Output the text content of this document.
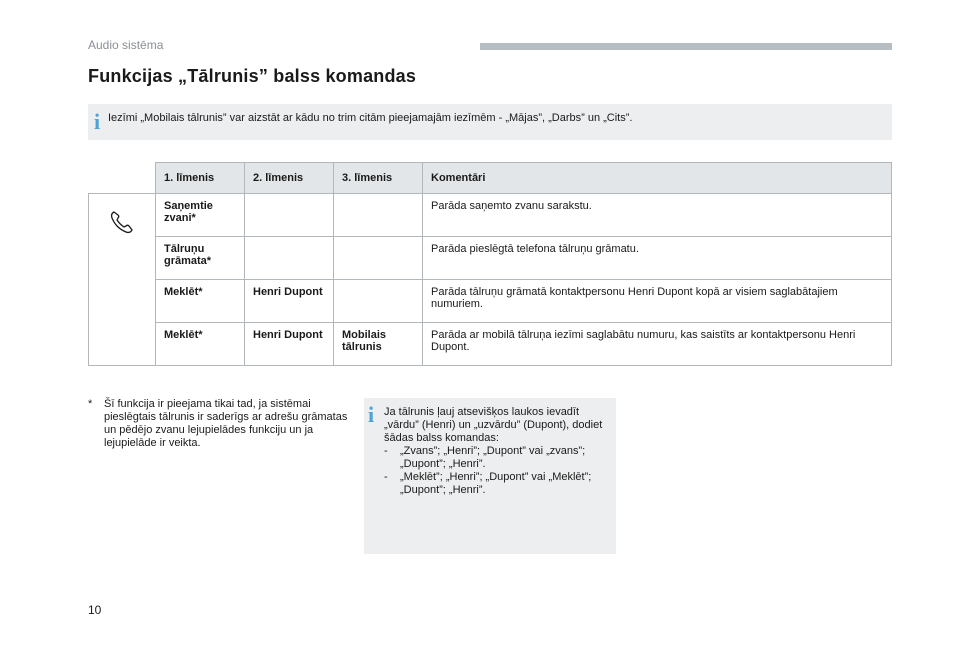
Audio sistēma
Funkcijas „Tālrunis” balss komandas
i Iezīmi „Mobilais tālrunis” var aizstāt ar kādu no trim citām pieejamajām iezīmēm - „Mājas”, „Darbs” un „Cits”.
	1. līmenis	2. līmenis	3. līmenis	Komentāri
	Saņemtie zvani*			Parāda saņemto zvanu sarakstu.
	Tālruņu grāmata*			Parāda pieslēgtā telefona tālruņu grāmatu.
	Meklēt*	Henri Dupont		Parāda tālruņu grāmatā kontaktpersonu Henri Dupont kopā ar visiem saglabātajiem numuriem.
	Meklēt*	Henri Dupont	Mobilais tālrunis	Parāda ar mobilā tālruņa iezīmi saglabātu numuru, kas saistīts ar kontaktpersonu Henri Dupont.
* Šī funkcija ir pieejama tikai tad, ja sistēmai pieslēgtais tālrunis ir saderīgs ar adrešu grāmatas un pēdējo zvanu lejupielādes funkciju un ja lejupielāde ir veikta.
i Ja tālrunis ļauj atsevišķos laukos ievadīt „vārdu” (Henri) un „uzvārdu” (Dupont), dodiet šādas balss komandas:
- „Zvans”; „Henri”; „Dupont” vai „zvans”; „Dupont”; „Henri”.
- „Meklēt”; „Henri”; „Dupont” vai „Meklēt”; „Dupont”; „Henri”.
10
